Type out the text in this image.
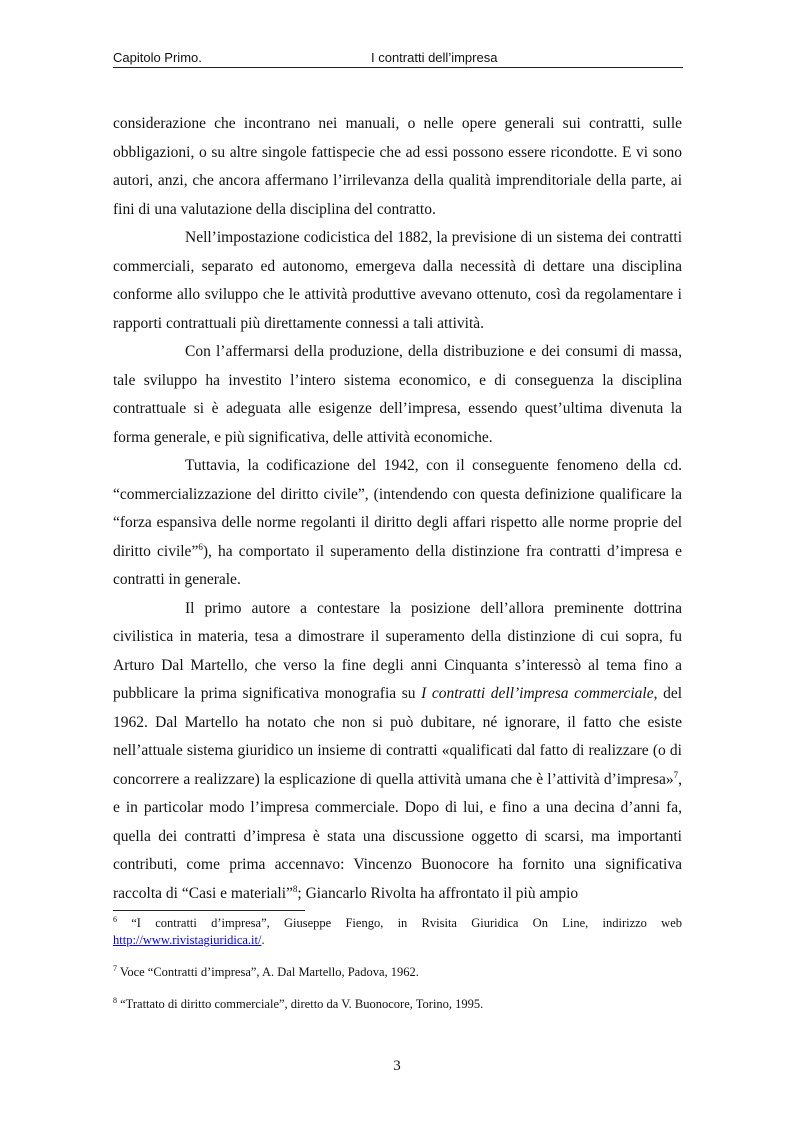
Capitolo Primo.	I contratti dell’impresa

considerazione che incontrano nei manuali, o nelle opere generali sui contratti, sulle obbligazioni, o su altre singole fattispecie che ad essi possono essere ricondotte. E vi sono autori, anzi, che ancora affermano l’irrilevanza della qualità imprenditoriale della parte, ai fini di una valutazione della disciplina del contratto.

Nell’impostazione codicistica del 1882, la previsione di un sistema dei contratti commerciali, separato ed autonomo, emergeva dalla necessità di dettare una disciplina conforme allo sviluppo che le attività produttive avevano ottenuto, così da regolamentare i rapporti contrattuali più direttamente connessi a tali attività.

Con l’affermarsi della produzione, della distribuzione e dei consumi di massa, tale sviluppo ha investito l’intero sistema economico, e di conseguenza la disciplina contrattuale si è adeguata alle esigenze dell’impresa, essendo quest’ultima divenuta la forma generale, e più significativa, delle attività economiche.

Tuttavia, la codificazione del 1942, con il conseguente fenomeno della cd. “commercializzazione del diritto civile”, (intendendo con questa definizione qualificare la “forza espansiva delle norme regolanti il diritto degli affari rispetto alle norme proprie del diritto civile”$^6$), ha comportato il superamento della distinzione fra contratti d’impresa e contratti in generale.

Il primo autore a contestare la posizione dell’allora preminente dottrina civilistica in materia, tesa a dimostrare il superamento della distinzione di cui sopra, fu Arturo Dal Martello, che verso la fine degli anni Cinquanta s’interessò al tema fino a pubblicare la prima significativa monografia su I contratti dell’impresa commerciale, del 1962. Dal Martello ha notato che non si può dubitare, né ignorare, il fatto che esiste nell’attuale sistema giuridico un insieme di contratti «qualificati dal fatto di realizzare (o di concorrere a realizzare) la esplicazione di quella attività umana che è l’attività d’impresa»$^7$, e in particolar modo l’impresa commerciale. Dopo di lui, e fino a una decina d’anni fa, quella dei contratti d’impresa è stata una discussione oggetto di scarsi, ma importanti contributi, come prima accennavo: Vincenzo Buonocore ha fornito una significativa raccolta di “Casi e materiali”$^8$; Giancarlo Rivolta ha affrontato il più ampio

$^6$ “I contratti d’impresa”, Giuseppe Fiengo, in Rvisita Giuridica On Line, indirizzo web http://www.rivistagiuridica.it/.

$^7$ Voce “Contratti d’impresa”, A. Dal Martello, Padova, 1962.

$^8$ “Trattato di diritto commerciale”, diretto da V. Buonocore, Torino, 1995.

3
